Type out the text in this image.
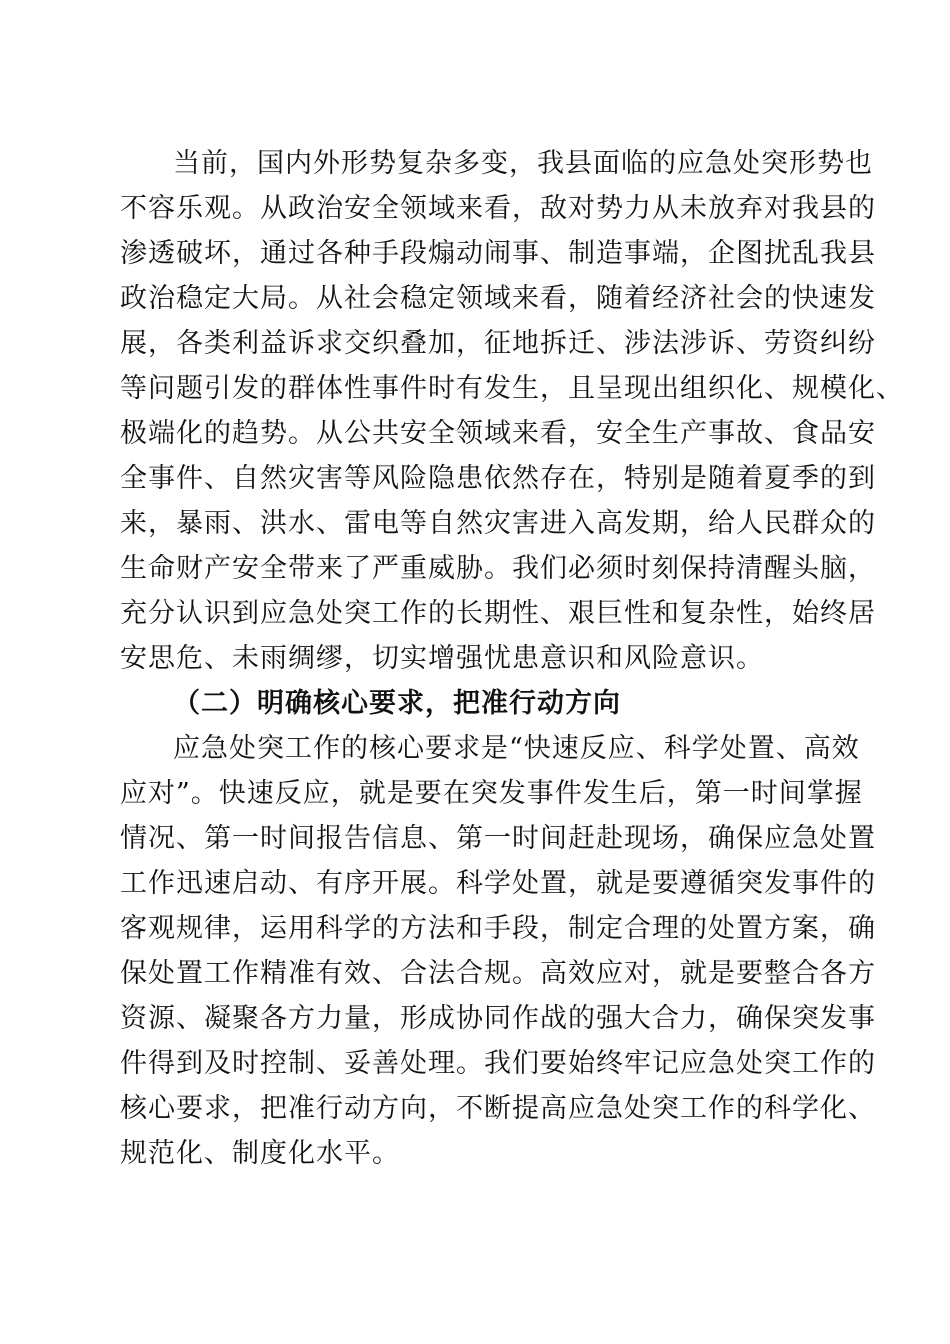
当前，国内外形势复杂多变，我县面临的应急处突形势也

不容乐观。从政治安全领域来看，敌对势力从未放弃对我县的

渗透破坏，通过各种手段煽动闹事、制造事端，企图扰乱我县

政治稳定大局。从社会稳定领域来看，随着经济社会的快速发

展，各类利益诉求交织叠加，征地拆迁、涉法涉诉、劳资纠纷

等问题引发的群体性事件时有发生，且呈现出组织化、规模化、

极端化的趋势。从公共安全领域来看，安全生产事故、食品安

全事件、自然灾害等风险隐患依然存在，特别是随着夏季的到

来，暴雨、洪水、雷电等自然灾害进入高发期，给人民群众的

生命财产安全带来了严重威胁。我们必须时刻保持清醒头脑，

充分认识到应急处突工作的长期性、艰巨性和复杂性，始终居

安思危、未雨绸缪，切实增强忧患意识和风险意识。

（二）明确核心要求，把准行动方向

应急处突工作的核心要求是“快速反应、科学处置、高效

应对”。快速反应，就是要在突发事件发生后，第一时间掌握

情况、第一时间报告信息、第一时间赶赴现场，确保应急处置

工作迅速启动、有序开展。科学处置，就是要遵循突发事件的

客观规律，运用科学的方法和手段，制定合理的处置方案，确

保处置工作精准有效、合法合规。高效应对，就是要整合各方

资源、凝聚各方力量，形成协同作战的强大合力，确保突发事

件得到及时控制、妥善处理。我们要始终牢记应急处突工作的

核心要求，把准行动方向，不断提高应急处突工作的科学化、

规范化、制度化水平。
